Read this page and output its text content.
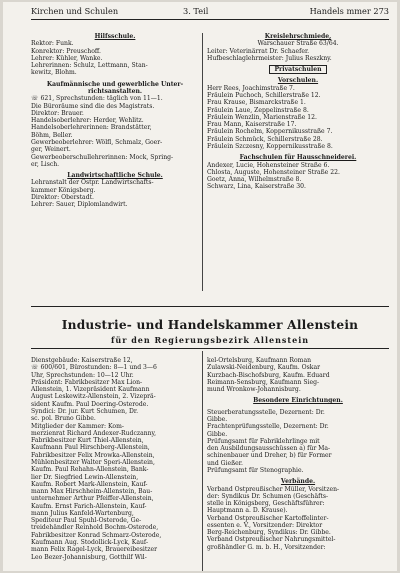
Kirchen und Schulen	3. Teil	Handels mmer 273
Hilfsschule.
Rektor: Funk.
Konrektor: Preuschoff.
Lehrer: Kühler, Wanke.
Lehrerinnen: Schulz, Lettmann, Stan-
kewitz, Blohm.
Kaufmännische und gewerbliche Unter-
richtsanstalten.
☏ 621, Sprechstunden: täglich von 11—1.
Die Büroräume sind die des Magistrats.
Direktor: Brauer.
Handelsoberlehrer: Herder, Wehlitz.
Handelsoberlehrerinnen: Brandstätter,
Böhm, Beller.
Gewerbeoberlehrer: Wölfl, Schmalz, Goer-
ger, Weinert.
Gewerbeoberschullehrerinnen: Mock, Spring-
er, Lisch.
Landwirtschaftliche Schule.
Lehranstalt der Ostpr. Landwirtschafts-
kammer Königsberg.
Direktor: Oberstadt.
Lehrer: Sauer, Diplomlandwirt.
Kreislehrschmiede,
Warschauer Straße 63/64.
Leiter: Veterinärrat Dr. Schaefer.
Hufbeschlaglehrmeister: Julius Reszkny.
Privatschulen
Vorschulen.
Herr Rees, Joachimstraße 7.
Fräulein Puchoch, Schillerstraße 12.
Frau Krause, Bismarckstraße 1.
Fräulein Laue, Zeppelinstraße 8.
Fräulein Wenzlin, Marienstraße 12.
Frau Mann, Kaiserstraße 17.
Fräulein Rochelm, Koppernikusstraße 7.
Fräulein Schmück, Schillerstraße 28.
Fräulein Szczesny, Koppernikusstraße 8.
Fachschulen für Hausschneiderei.
Andexer, Lucie, Hohensteiner Straße 6.
Chlosta, Auguste, Hohensteiner Straße 22.
Goetz, Anna, Wilhelmstraße 8.
Schwarz, Lina, Kaiserstraße 30.
Industrie- und Handelskammer Allenstein
für den Regierungsbezirk Allenstein
Dienstgebäude: Kaiserstraße 12,
☏ 600/601, Bürostunden: 8—1 und 3—6
Uhr, Sprechstunden: 10—12 Uhr.
Präsident: Fabrikbesitzer Max Lion-
Allenstein, 1. Vizepräsident Kaufmann
August Leskewitz-Allenstein, 2. Vizeprä-
sident Kaufm. Paul Doering-Osterode.
Syndici: Dr. jur. Kurt Schumen, Dr.
sc. pol. Bruno Gibbe.
Mitglieder der Kammer: Kom-
merzienrat Richard Andexer-Rudczanny,
Fabrikbesitzer Kurt Thiel-Allenstein,
Kaufmann Paul Hirschberg-Allenstein,
Fabrikbesitzer Felix Mrowka-Allenstein,
Mühlenbesitzer Walter Speri-Allenstein,
Kaufm. Paul Rehahn-Allenstein, Bank-
lier Dr. Siegfried Lewin-Allenstein,
Kaufm. Robert Mark-Allenstein, Kauf-
mann Max Hirschheim-Allenstein, Bau-
unternehmer Arthur Pfeiffer-Allenstein,
Kaufm. Ernst Farich-Allenstein, Kauf-
mann Julius Kanfeld-Wartenburg,
Spediteur Paul Spuhl-Osterode, Ge-
treidehändler Reinhold Bochm-Osterode,
Fabrikbesitzer Konrad Schmarz-Osterode,
Kaufmann Aug. Stodollick-Lyck, Kauf-
mann Felix Ragel-Lyck, Brauereibesitzer
Leo Bezer-Johannisburg, Gotthilf Wil-
kel-Ortelsburg, Kaufmann Roman
Zulawski-Neidenburg, Kaufm. Oskar
Kurzbach-Bischofsburg, Kaufm. Eduard
Reimann-Sensburg, Kaufmann Sieg-
mund Wronkow-Johannisburg.
Besondere Einrichtungen.
Steuerberatungsstelle, Dezernent: Dr.
Gibbe.
Frachtenprüfungsstelle, Dezernent: Dr.
Gibbe.
Prüfungsamt für Fabriklehrlinge mit
den Ausbildungsausschüssen a) für Ma-
schinenbauer und Dreher, b) für Former
und Gießer.
Prüfungsamt für Stenographie.
Verbände.
Verband Ostpreußischer Müller, Vorsitzen-
der: Syndikus Dr. Schumen (Geschäfts-
stelle in Königsberg, Geschäftsführer:
Hauptmann a. D. Krause).
Verband Ostpreußischer Kartoffelinter-
essenten e. V., Vorsitzender: Direktor
Berg-Reichenburg, Syndikus: Dr. Gibbe.
Verband Ostpreußischer Nahrungsmittel-
großhändler G. m. b. H., Vorsitzender:
